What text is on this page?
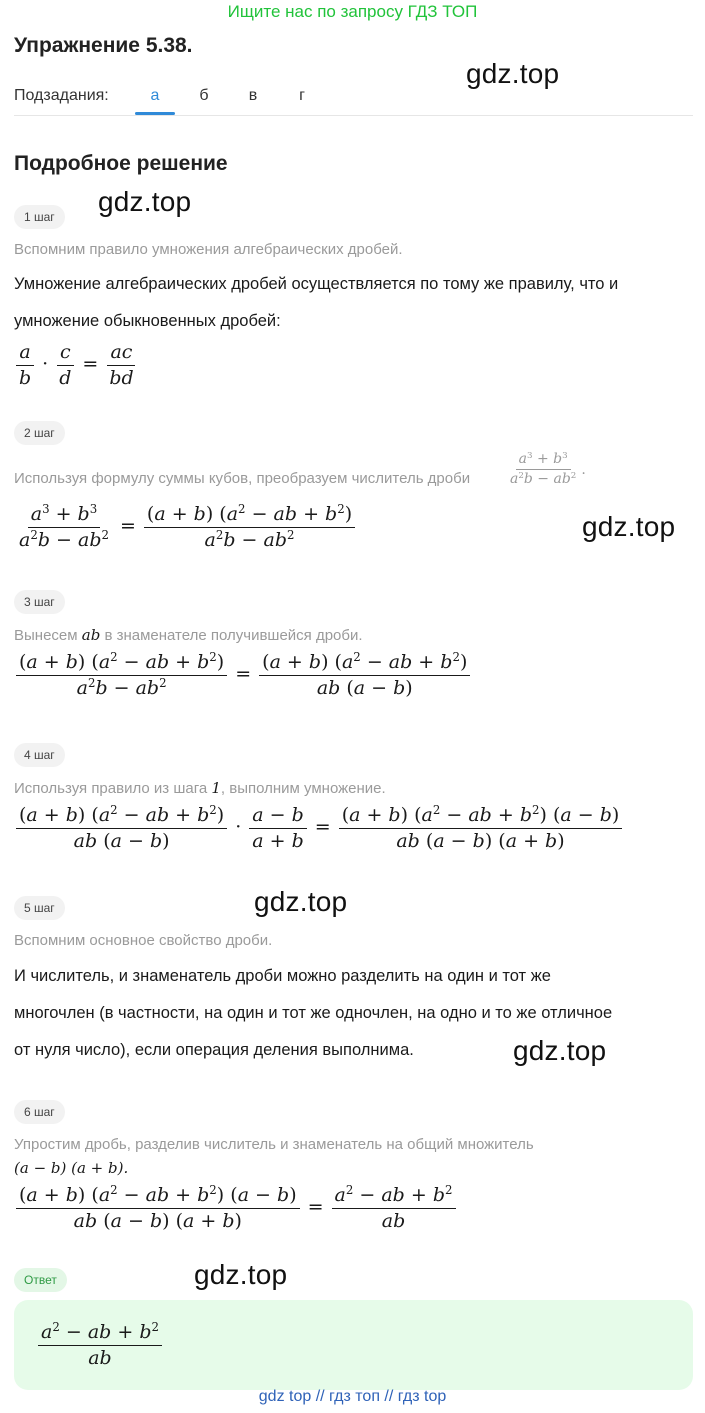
Ищите нас по запросу ГДЗ ТОП
Упражнение 5.38.
gdz.top
Подзадания:	а	б	в	г
Подробное решение
gdz.top
1 шаг
Вспомним правило умножения алгебраических дробей.
Умножение алгебраических дробей осуществляется по тому же правилу, что и
умножение обыкновенных дробей:
$\frac{a}{b} \cdot \frac{c}{d} = \frac{ac}{bd}$
2 шаг
Используя формулу суммы кубов, преобразуем числитель дроби	$\frac{a^3 + b^3}{a^2b - ab^2}$ .
$\frac{a^3 + b^3}{a^2b - ab^2} = \frac{(a + b) (a^2 - ab + b^2)}{a^2b - ab^2}$	gdz.top
3 шаг
Вынесем ab в знаменателе получившейся дроби.
$\frac{(a + b) (a^2 - ab + b^2)}{a^2b - ab^2} = \frac{(a + b) (a^2 - ab + b^2)}{ab (a - b)}$
4 шаг
Используя правило из шага 1, выполним умножение.
$\frac{(a + b) (a^2 - ab + b^2)}{ab (a - b)} \cdot \frac{a - b}{a + b} = \frac{(a + b) (a^2 - ab + b^2) (a - b)}{ab (a - b) (a + b)}$
5 шаг	gdz.top
Вспомним основное свойство дроби.
И числитель, и знаменатель дроби можно разделить на один и тот же
многочлен (в частности, на один и тот же одночлен, на одно и то же отличное
от нуля число), если операция деления выполнима.	gdz.top
6 шаг
Упростим дробь, разделив числитель и знаменатель на общий множитель
(a − b) (a + b).
$\frac{(a + b) (a^2 - ab + b^2) (a - b)}{ab (a - b) (a + b)} = \frac{a^2 - ab + b^2}{ab}$
Ответ	gdz.top
$\frac{a^2 - ab + b^2}{ab}$
gdz top // гдз топ // гдз top
